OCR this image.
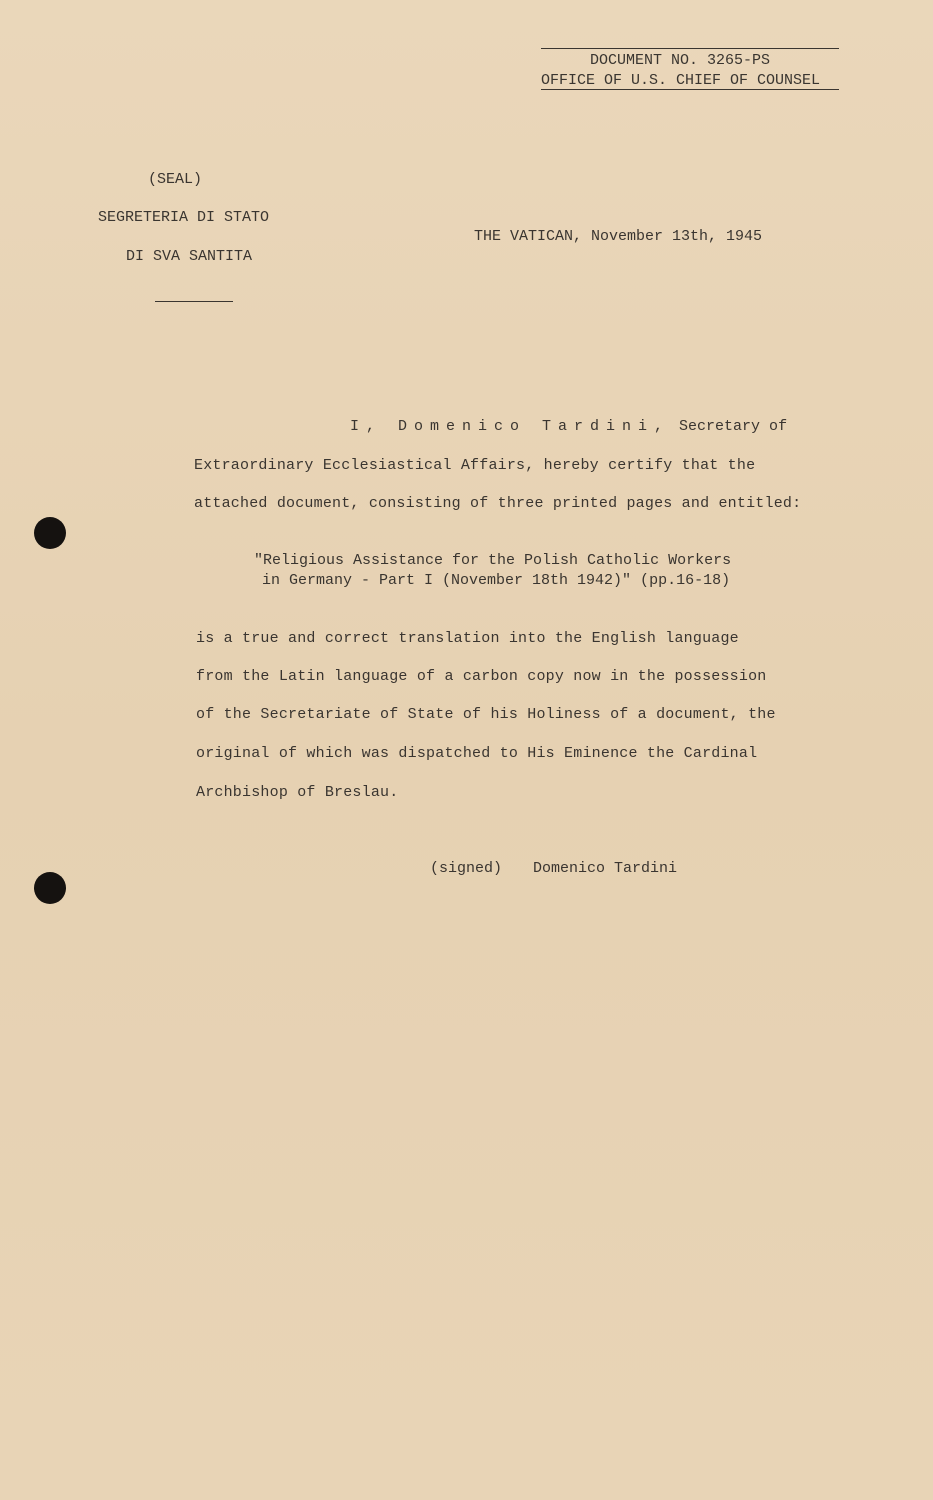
DOCUMENT NO. 3265-PS
OFFICE OF U.S. CHIEF OF COUNSEL
(SEAL)
SEGRETERIA DI STATO
DI SVA SANTITA
THE VATICAN, November 13th, 1945
I, Domenico Tardini, Secretary of
Extraordinary Ecclesiastical Affairs, hereby certify that the
attached document, consisting of three printed pages and entitled:
"Religious Assistance for the Polish Catholic Workers
in Germany - Part I (November 18th 1942)" (pp.16-18)
is a true and correct translation into the English language
from the Latin language of a carbon copy now in the possession
of the Secretariate of State of his Holiness of a document, the
original of which was dispatched to His Eminence the Cardinal
Archbishop of Breslau.
(signed) Domenico Tardini
